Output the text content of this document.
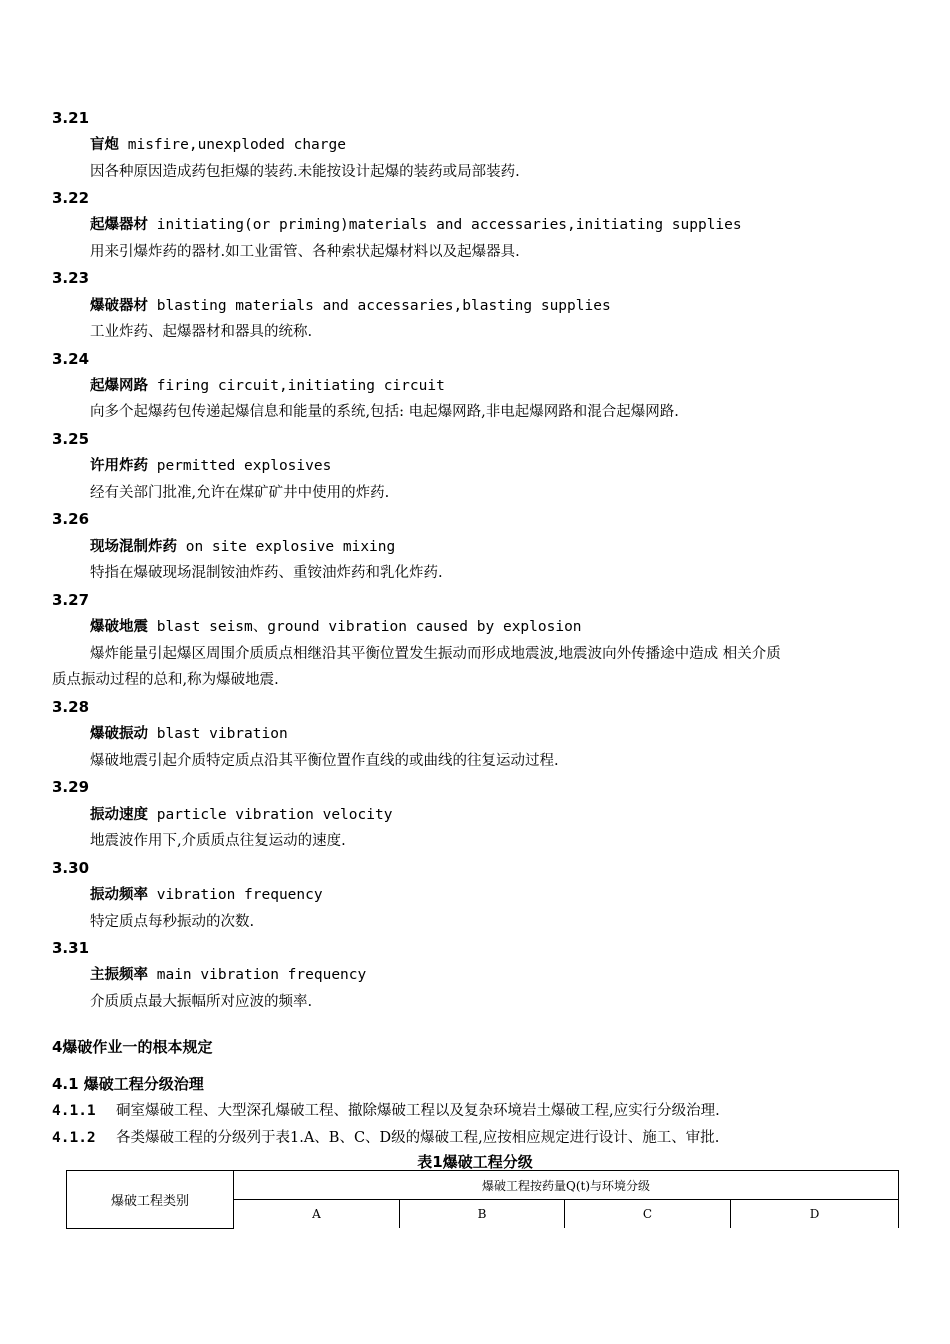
3.21
盲炮 misfire,unexploded charge
因各种原因造成药包拒爆的装药.未能按设计起爆的装药或局部装药.
3.22
起爆器材 initiating(or priming)materials and accessaries,initiating supplies
用来引爆炸药的器材.如工业雷管、各种索状起爆材料以及起爆器具.
3.23
爆破器材 blasting materials and accessaries,blasting supplies
工业炸药、起爆器材和器具的统称.
3.24
起爆网路 firing circuit,initiating circuit
向多个起爆药包传递起爆信息和能量的系统,包括: 电起爆网路,非电起爆网路和混合起爆网路.
3.25
许用炸药 permitted explosives
经有关部门批准,允许在煤矿矿井中使用的炸药.
3.26
现场混制炸药 on site explosive mixing
特指在爆破现场混制铵油炸药、重铵油炸药和乳化炸药.
3.27
爆破地震 blast seism、ground vibration caused by explosion
爆炸能量引起爆区周围介质质点相继沿其平衡位置发生振动而形成地震波,地震波向外传播途中造成 相关介质
质点振动过程的总和,称为爆破地震.
3.28
爆破振动 blast vibration
爆破地震引起介质特定质点沿其平衡位置作直线的或曲线的往复运动过程.
3.29
振动速度 particle vibration velocity
地震波作用下,介质质点往复运动的速度.
3.30
振动频率 vibration frequency
特定质点每秒振动的次数.
3.31
主振频率 main vibration frequency
介质质点最大振幅所对应波的频率.
4爆破作业一的根本规定
4.1 爆破工程分级治理
4.1.1 硐室爆破工程、大型深孔爆破工程、撤除爆破工程以及复杂环境岩土爆破工程,应实行分级治理.
4.1.2 各类爆破工程的分级列于表1.A、B、C、D级的爆破工程,应按相应规定进行设计、施工、审批.
表1爆破工程分级
爆破工程类别	爆破工程按药量Q(t)与环境分级			
	A	B	C	D
